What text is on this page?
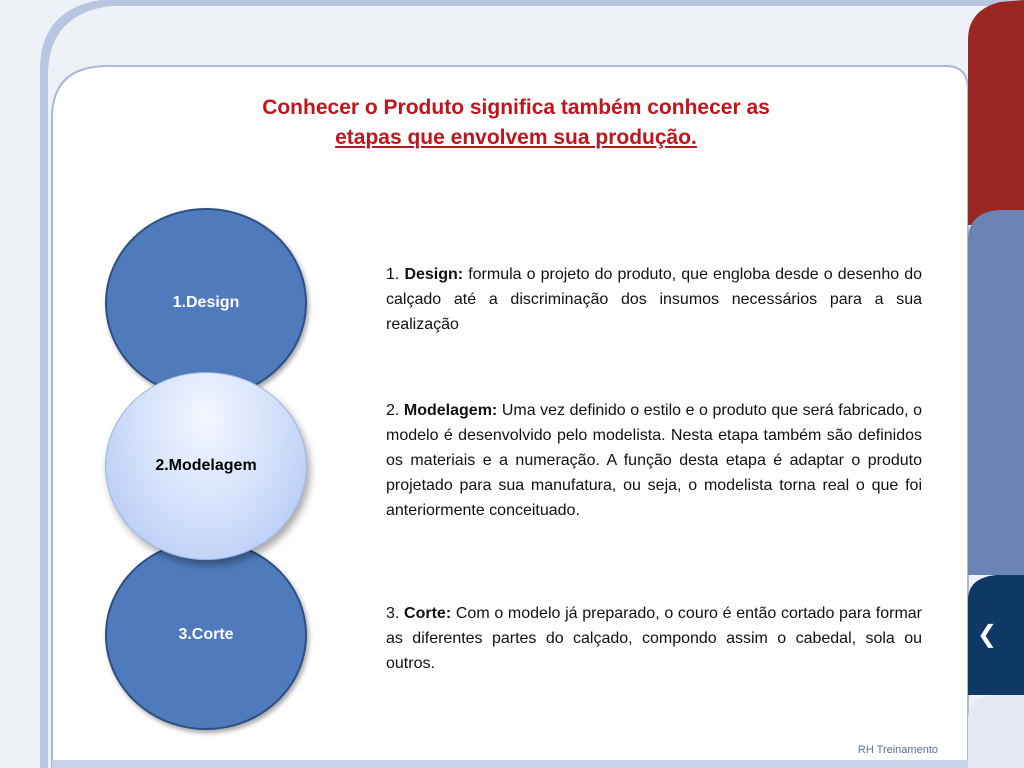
Conhecer o Produto significa também conhecer as

etapas que envolvem sua produção.
3.Corte
1.Design
2.Modelagem

1. Design: formula o projeto do produto, que engloba desde o desenho do calçado até a discriminação dos insumos necessários para a sua realização

2. Modelagem: Uma vez definido o estilo e o produto que será fabricado, o modelo é desenvolvido pelo modelista. Nesta etapa também são definidos os materiais e a numeração. A função desta etapa é adaptar o produto projetado para sua manufatura, ou seja, o modelista torna real o que foi anteriormente conceituado.

3. Corte: Com o modelo já preparado, o couro é então cortado para formar as diferentes partes do calçado, compondo assim o cabedal, sola ou outros.

❮
RH Treinamento
